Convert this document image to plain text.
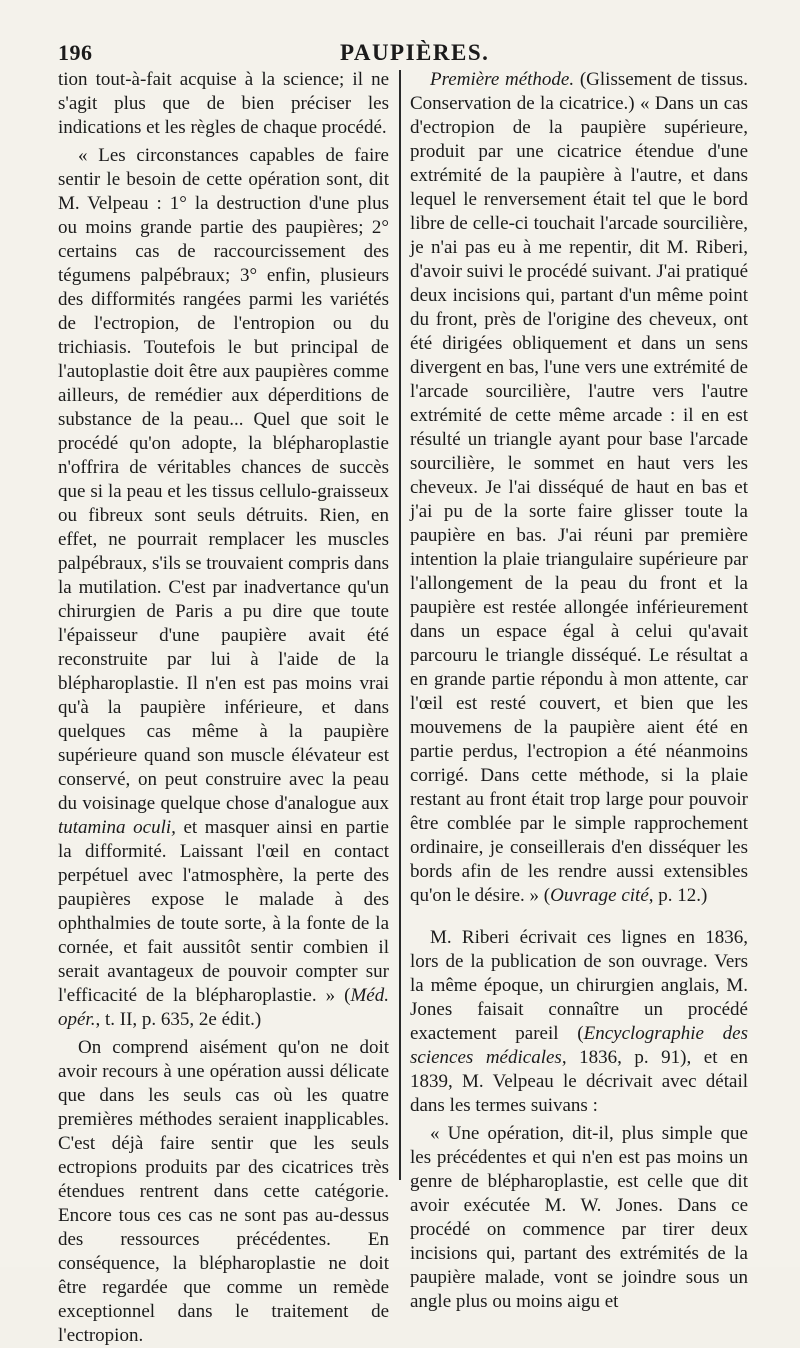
196	PAUPIÈRES.

tion tout-à-fait acquise à la science; il ne s'agit plus que de bien préciser les indications et les règles de chaque procédé.

« Les circonstances capables de faire sentir le besoin de cette opération sont, dit M. Velpeau : 1° la destruction d'une plus ou moins grande partie des paupières; 2° certains cas de raccourcissement des tégumens palpébraux; 3° enfin, plusieurs des difformités rangées parmi les variétés de l'ectropion, de l'entropion ou du trichiasis. Toutefois le but principal de l'autoplastie doit être aux paupières comme ailleurs, de remédier aux déperditions de substance de la peau... Quel que soit le procédé qu'on adopte, la blépharoplastie n'offrira de véritables chances de succès que si la peau et les tissus cellulo-graisseux ou fibreux sont seuls détruits. Rien, en effet, ne pourrait remplacer les muscles palpébraux, s'ils se trouvaient compris dans la mutilation. C'est par inadvertance qu'un chirurgien de Paris a pu dire que toute l'épaisseur d'une paupière avait été reconstruite par lui à l'aide de la blépharoplastie. Il n'en est pas moins vrai qu'à la paupière inférieure, et dans quelques cas même à la paupière supérieure quand son muscle élévateur est conservé, on peut construire avec la peau du voisinage quelque chose d'analogue aux tutamina oculi, et masquer ainsi en partie la difformité. Laissant l'œil en contact perpétuel avec l'atmosphère, la perte des paupières expose le malade à des ophthalmies de toute sorte, à la fonte de la cornée, et fait aussitôt sentir combien il serait avantageux de pouvoir compter sur l'efficacité de la blépharoplastie. » (Méd. opér., t. II, p. 635, 2e édit.)

On comprend aisément qu'on ne doit avoir recours à une opération aussi délicate que dans les seuls cas où les quatre premières méthodes seraient inapplicables. C'est déjà faire sentir que les seuls ectropions produits par des cicatrices très étendues rentrent dans cette catégorie. Encore tous ces cas ne sont pas au-dessus des ressources précédentes. En conséquence, la blépharoplastie ne doit être regardée que comme un remède exceptionnel dans le traitement de l'ectropion.

Première méthode. (Glissement de tissus. Conservation de la cicatrice.) « Dans un cas d'ectropion de la paupière supérieure, produit par une cicatrice étendue d'une extrémité de la paupière à l'autre, et dans lequel le renversement était tel que le bord libre de celle-ci touchait l'arcade sourcilière, je n'ai pas eu à me repentir, dit M. Riberi, d'avoir suivi le procédé suivant. J'ai pratiqué deux incisions qui, partant d'un même point du front, près de l'origine des cheveux, ont été dirigées obliquement et dans un sens divergent en bas, l'une vers une extrémité de l'arcade sourcilière, l'autre vers l'autre extrémité de cette même arcade : il en est résulté un triangle ayant pour base l'arcade sourcilière, le sommet en haut vers les cheveux. Je l'ai disséqué de haut en bas et j'ai pu de la sorte faire glisser toute la paupière en bas. J'ai réuni par première intention la plaie triangulaire supérieure par l'allongement de la peau du front et la paupière est restée allongée inférieurement dans un espace égal à celui qu'avait parcouru le triangle disséqué. Le résultat a en grande partie répondu à mon attente, car l'œil est resté couvert, et bien que les mouvemens de la paupière aient été en partie perdus, l'ectropion a été néanmoins corrigé. Dans cette méthode, si la plaie restant au front était trop large pour pouvoir être comblée par le simple rapprochement ordinaire, je conseillerais d'en disséquer les bords afin de les rendre aussi extensibles qu'on le désire. » (Ouvrage cité, p. 12.)

M. Riberi écrivait ces lignes en 1836, lors de la publication de son ouvrage. Vers la même époque, un chirurgien anglais, M. Jones faisait connaître un procédé exactement pareil (Encyclographie des sciences médicales, 1836, p. 91), et en 1839, M. Velpeau le décrivait avec détail dans les termes suivans :

« Une opération, dit-il, plus simple que les précédentes et qui n'en est pas moins un genre de blépharoplastie, est celle que dit avoir exécutée M. W. Jones. Dans ce procédé on commence par tirer deux incisions qui, partant des extrémités de la paupière malade, vont se joindre sous un angle plus ou moins aigu et
